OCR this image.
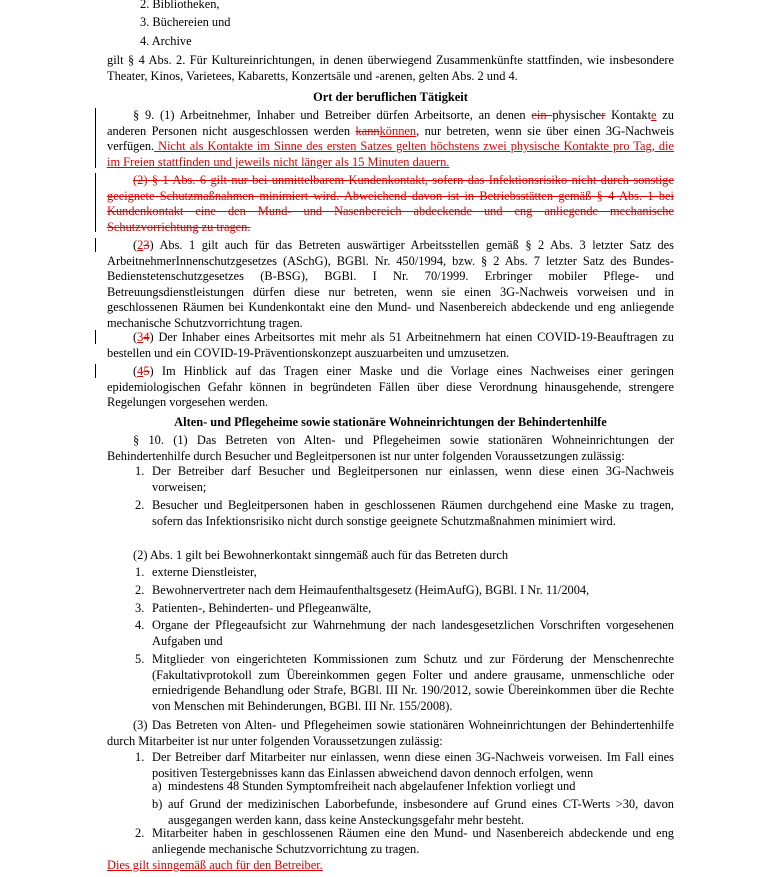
2. Bibliotheken,
3. Büchereien und
4. Archive

gilt § 4 Abs. 2. Für Kultureinrichtungen, in denen überwiegend Zusammenkünfte stattfinden, wie insbesondere Theater, Kinos, Varietees, Kabaretts, Konzertsäle und -arenen, gelten Abs. 2 und 4.

Ort der beruflichen Tätigkeit

§ 9. (1) Arbeitnehmer, Inhaber und Betreiber dürfen Arbeitsorte, an denen ein physischer Kontakte zu anderen Personen nicht ausgeschlossen werden kannkönnen, nur betreten, wenn sie über einen 3G-Nachweis verfügen. Nicht als Kontakte im Sinne des ersten Satzes gelten höchstens zwei physische Kontakte pro Tag, die im Freien stattfinden und jeweils nicht länger als 15 Minuten dauern.

(2) § 1 Abs. 6 gilt nur bei unmittelbarem Kundenkontakt, sofern das Infektionsrisiko nicht durch sonstige geeignete Schutzmaßnahmen minimiert wird. Abweichend davon ist in Betriebsstätten gemäß § 4 Abs. 1 bei Kundenkontakt eine den Mund- und Nasenbereich abdeckende und eng anliegende mechanische Schutzvorrichtung zu tragen.

(23) Abs. 1 gilt auch für das Betreten auswärtiger Arbeitsstellen gemäß § 2 Abs. 3 letzter Satz des ArbeitnehmerInnenschutzgesetzes (ASchG), BGBl. Nr. 450/1994, bzw. § 2 Abs. 7 letzter Satz des Bundes-Bedienstetenschutzgesetzes (B-BSG), BGBl. I Nr. 70/1999. Erbringer mobiler Pflege- und Betreuungsdienstleistungen dürfen diese nur betreten, wenn sie einen 3G-Nachweis vorweisen und in geschlossenen Räumen bei Kundenkontakt eine den Mund- und Nasenbereich abdeckende und eng anliegende mechanische Schutzvorrichtung tragen.

(34) Der Inhaber eines Arbeitsortes mit mehr als 51 Arbeitnehmern hat einen COVID-19-Beauftragen zu bestellen und ein COVID-19-Präventionskonzept auszuarbeiten und umzusetzen.

(45) Im Hinblick auf das Tragen einer Maske und die Vorlage eines Nachweises einer geringen epidemiologischen Gefahr können in begründeten Fällen über diese Verordnung hinausgehende, strengere Regelungen vorgesehen werden.

Alten- und Pflegeheime sowie stationäre Wohneinrichtungen der Behindertenhilfe

§ 10. (1) Das Betreten von Alten- und Pflegeheimen sowie stationären Wohneinrichtungen der Behindertenhilfe durch Besucher und Begleitpersonen ist nur unter folgenden Voraussetzungen zulässig:

1. Der Betreiber darf Besucher und Begleitpersonen nur einlassen, wenn diese einen 3G-Nachweis vorweisen;
2. Besucher und Begleitpersonen haben in geschlossenen Räumen durchgehend eine Maske zu tragen, sofern das Infektionsrisiko nicht durch sonstige geeignete Schutzmaßnahmen minimiert wird.

(2) Abs. 1 gilt bei Bewohnerkontakt sinngemäß auch für das Betreten durch

1. externe Dienstleister,
2. Bewohnervertreter nach dem Heimaufenthaltsgesetz (HeimAufG), BGBl. I Nr. 11/2004,
3. Patienten-, Behinderten- und Pflegeanwälte,
4. Organe der Pflegeaufsicht zur Wahrnehmung der nach landesgesetzlichen Vorschriften vorgesehenen Aufgaben und
5. Mitglieder von eingerichteten Kommissionen zum Schutz und zur Förderung der Menschenrechte (Fakultativprotokoll zum Übereinkommen gegen Folter und andere grausame, unmenschliche oder erniedrigende Behandlung oder Strafe, BGBl. III Nr. 190/2012, sowie Übereinkommen über die Rechte von Menschen mit Behinderungen, BGBl. III Nr. 155/2008).

(3) Das Betreten von Alten- und Pflegeheimen sowie stationären Wohneinrichtungen der Behindertenhilfe durch Mitarbeiter ist nur unter folgenden Voraussetzungen zulässig:

1. Der Betreiber darf Mitarbeiter nur einlassen, wenn diese einen 3G-Nachweis vorweisen. Im Fall eines positiven Testergebnisses kann das Einlassen abweichend davon dennoch erfolgen, wenn
a) mindestens 48 Stunden Symptomfreiheit nach abgelaufener Infektion vorliegt und
b) auf Grund der medizinischen Laborbefunde, insbesondere auf Grund eines CT-Werts >30, davon ausgegangen werden kann, dass keine Ansteckungsgefahr mehr besteht.
2. Mitarbeiter haben in geschlossenen Räumen eine den Mund- und Nasenbereich abdeckende und eng anliegende mechanische Schutzvorrichtung zu tragen.

Dies gilt sinngemäß auch für den Betreiber.
